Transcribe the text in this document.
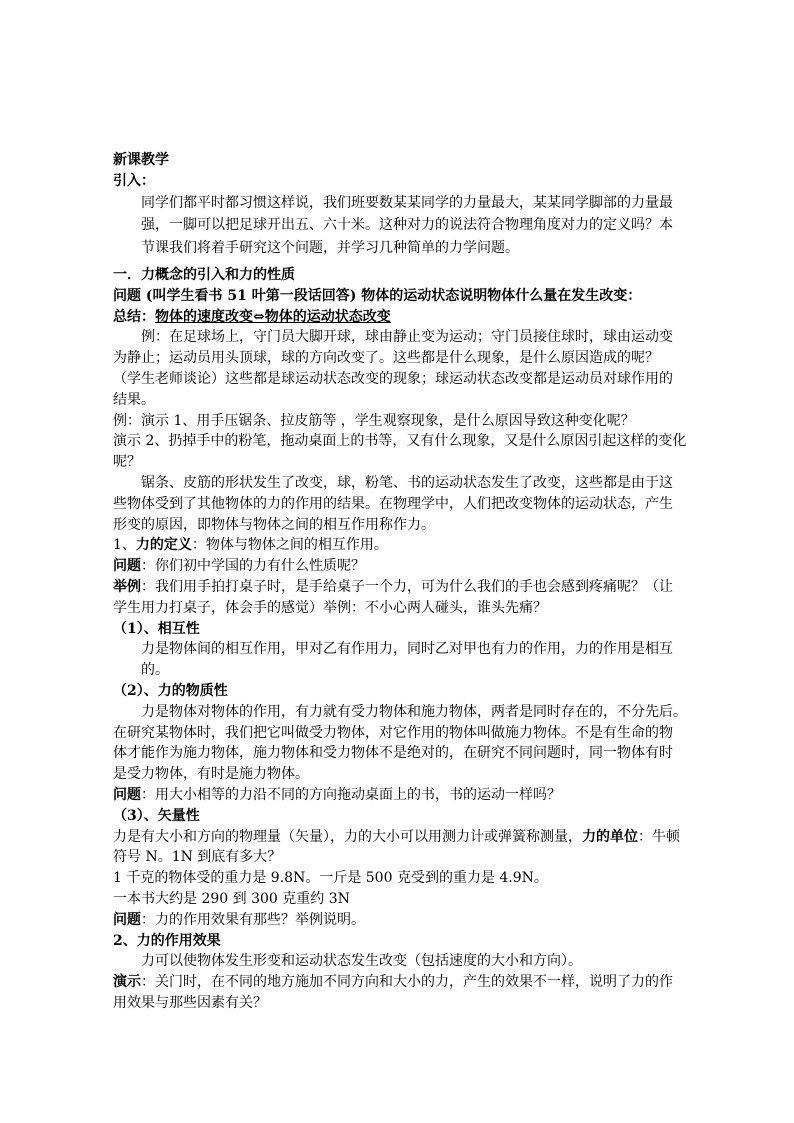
新课教学

引入：

同学们都平时都习惯这样说，我们班要数某某同学的力量最大，某某同学脚部的力量最

强，一脚可以把足球开出五、六十米。这种对力的说法符合物理角度对力的定义吗？本

节课我们将着手研究这个问题，并学习几种简单的力学问题。

一．力概念的引入和力的性质

问题 (叫学生看书 51 叶第一段话回答) 物体的运动状态说明物体什么量在发生改变：

总结：物体的速度改变⇔物体的运动状态改变

例：在足球场上，守门员大脚开球，球由静止变为运动；守门员接住球时，球由运动变

为静止；运动员用头顶球，球的方向改变了。这些都是什么现象，是什么原因造成的呢？

（学生老师谈论）这些都是球运动状态改变的现象；球运动状态改变都是运动员对球作用的

结果。

例：演示 1、用手压锯条、拉皮筋等 ，学生观察现象，是什么原因导致这种变化呢？

演示 2、扔掉手中的粉笔，拖动桌面上的书等，又有什么现象，又是什么原因引起这样的变化

呢？

锯条、皮筋的形状发生了改变，球，粉笔、书的运动状态发生了改变，这些都是由于这

些物体受到了其他物体的力的作用的结果。在物理学中，人们把改变物体的运动状态，产生

形变的原因，即物体与物体之间的相互作用称作力。

1、力的定义：物体与物体之间的相互作用。

问题：你们初中学国的力有什么性质呢？

举例：我们用手拍打桌子时，是手给桌子一个力，可为什么我们的手也会感到疼痛呢？（让

学生用力打桌子，体会手的感觉）举例：不小心两人碰头，谁头先痛？

（1）、相互性

力是物体间的相互作用，甲对乙有作用力，同时乙对甲也有力的作用，力的作用是相互

的。

（2）、力的物质性

力是物体对物体的作用，有力就有受力物体和施力物体，两者是同时存在的，不分先后。

在研究某物体时，我们把它叫做受力物体，对它作用的物体叫做施力物体。不是有生命的物

体才能作为施力物体，施力物体和受力物体不是绝对的，在研究不同问题时，同一物体有时

是受力物体，有时是施力物体。

问题：用大小相等的力沿不同的方向拖动桌面上的书，书的运动一样吗？

（3）、矢量性

力是有大小和方向的物理量（矢量），力的大小可以用测力计或弹簧称测量，力的单位：牛顿

符号 N。1N 到底有多大？

1 千克的物体受的重力是 9.8N。一斤是 500 克受到的重力是 4.9N。

一本书大约是 290 到 300 克重约 3N

问题：力的作用效果有那些？举例说明。

2、力的作用效果

力可以使物体发生形变和运动状态发生改变（包括速度的大小和方向）。

演示：关门时，在不同的地方施加不同方向和大小的力，产生的效果不一样，说明了力的作

用效果与那些因素有关？
